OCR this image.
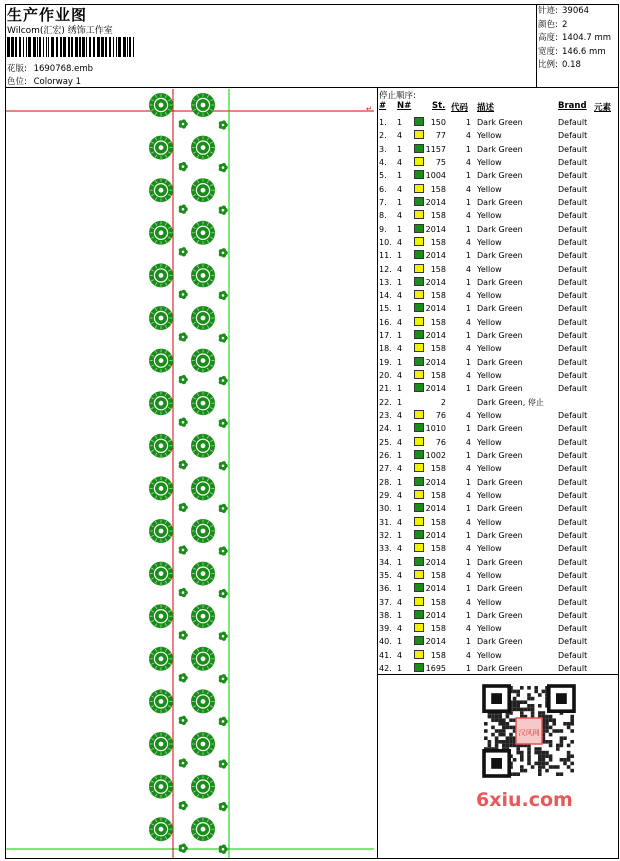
生产作业图
Wilcom(汇宏) 绣饰工作室
花版: 1690768.emb
色位: Colorway 1
针迹: 39064
颜色: 2
高度: 1404.7 mm
宽度: 146.6 mm
比例: 0.18
↵
停止顺序:
# N# St. 代码 描述	Brand 元素
1. 1	150 1 Dark Green	Default
2. 4	77 4 Yellow	Default
3. 1	1157 1 Dark Green	Default
4. 4	75 4 Yellow	Default
5. 1	1004 1 Dark Green	Default
6. 4	158 4 Yellow	Default
7. 1	2014 1 Dark Green	Default
8. 4	158 4 Yellow	Default
9. 1	2014 1 Dark Green	Default
10. 4	158 4 Yellow	Default
11. 1	2014 1 Dark Green	Default
12. 4	158 4 Yellow	Default
13. 1	2014 1 Dark Green	Default
14. 4	158 4 Yellow	Default
15. 1	2014 1 Dark Green	Default
16. 4	158 4 Yellow	Default
17. 1	2014 1 Dark Green	Default
18. 4	158 4 Yellow	Default
19. 1	2014 1 Dark Green	Default
20. 4	158 4 Yellow	Default
21. 1	2014 1 Dark Green	Default
22. 1	2	Dark Green, 停止
23. 4	76 4 Yellow	Default
24. 1	1010 1 Dark Green	Default
25. 4	76 4 Yellow	Default
26. 1	1002 1 Dark Green	Default
27. 4	158 4 Yellow	Default
28. 1	2014 1 Dark Green	Default
29. 4	158 4 Yellow	Default
30. 1	2014 1 Dark Green	Default
31. 4	158 4 Yellow	Default
32. 1	2014 1 Dark Green	Default
33. 4	158 4 Yellow	Default
34. 1	2014 1 Dark Green	Default
35. 4	158 4 Yellow	Default
36. 1	2014 1 Dark Green	Default
37. 4	158 4 Yellow	Default
38. 1	2014 1 Dark Green	Default
39. 4	158 4 Yellow	Default
40. 1	2014 1 Dark Green	Default
41. 4	158 4 Yellow	Default
42. 1	1695 1 Dark Green	Default
汉风网
6xiu.com
